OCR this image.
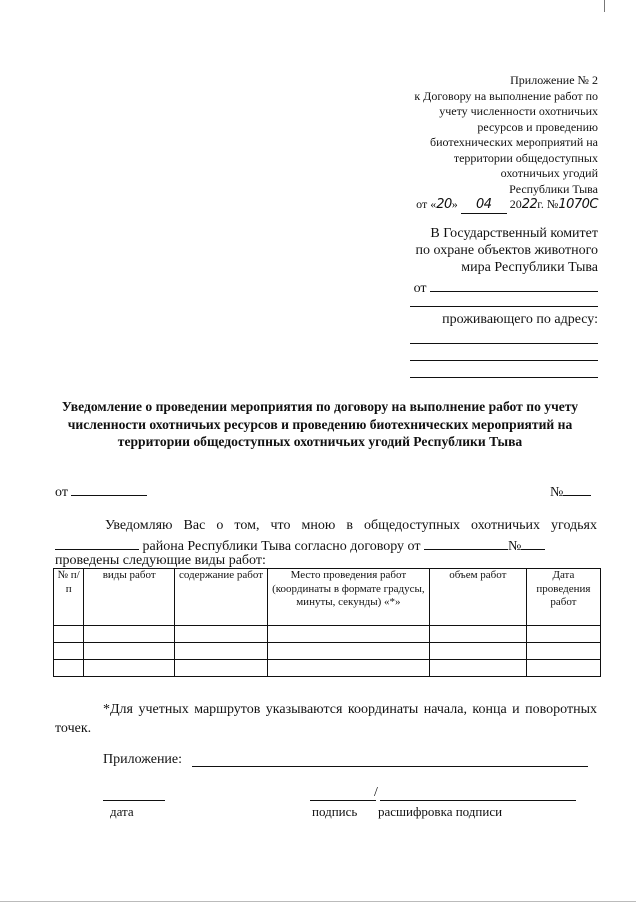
Приложение № 2
к Договору на выполнение работ по
учету численности охотничьих
ресурсов и проведению
биотехнических мероприятий на
территории общедоступных
охотничьих угодий
Республики Тыва
от «20» 04 2022г. №1070C
В Государственный комитет
по охране объектов животного
мира Республики Тыва
от
проживающего по адресу:
Уведомление о проведении мероприятия по договору на выполнение работ по учету численности охотничьих ресурсов и проведению биотехнических мероприятий на территории общедоступных охотничьих угодий Республики Тыва
от	№
Уведомляю Вас о том, что мною в общедоступных охотничьих угодьях
района Республики Тыва согласно договору от	№
проведены следующие виды работ:
№ п/п	виды работ	содержание работ	Место проведения работ (координаты в формате градусы, минуты, секунды) «*»	объем работ	Дата проведения работ

*Для учетных маршрутов указываются координаты начала, конца и поворотных точек.
Приложение:
/
дата	подпись расшифровка подписи
